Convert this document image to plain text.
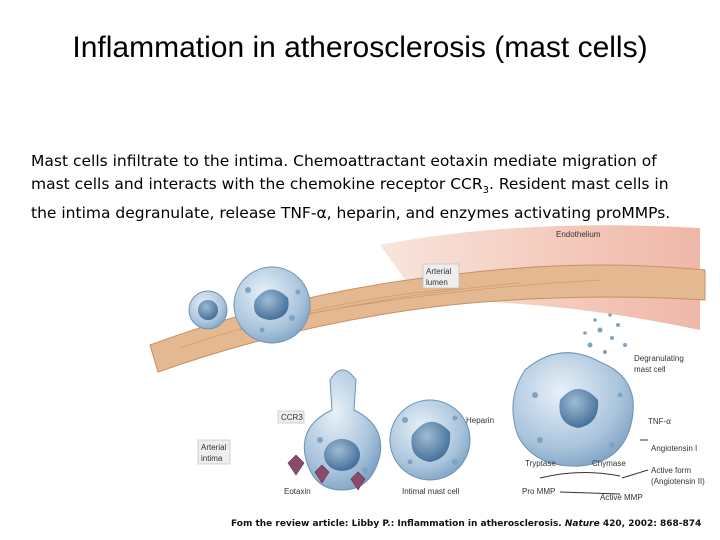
Endothelium
Arterial
lumen
Degranulating
mast cell
CCR3	Heparin	TNF-α
Angiotensin I
Active form
(Angiotensin II)
Tryptase	Chymase
Arterial
intima
Eotaxin	Intimal mast cell	Pro MMP
Active MMP
Inflammation in atherosclerosis (mast cells)
Mast cells infiltrate to the intima. Chemoattractant eotaxin mediate migration of mast cells and interacts with the chemokine receptor $CCR_3$. Resident mast cells in the intima degranulate, release TNF-α, heparin, and enzymes activating proMMPs.
Fom the review article: Libby P.: Inflammation in atherosclerosis. Nature 420, 2002: 868-874
